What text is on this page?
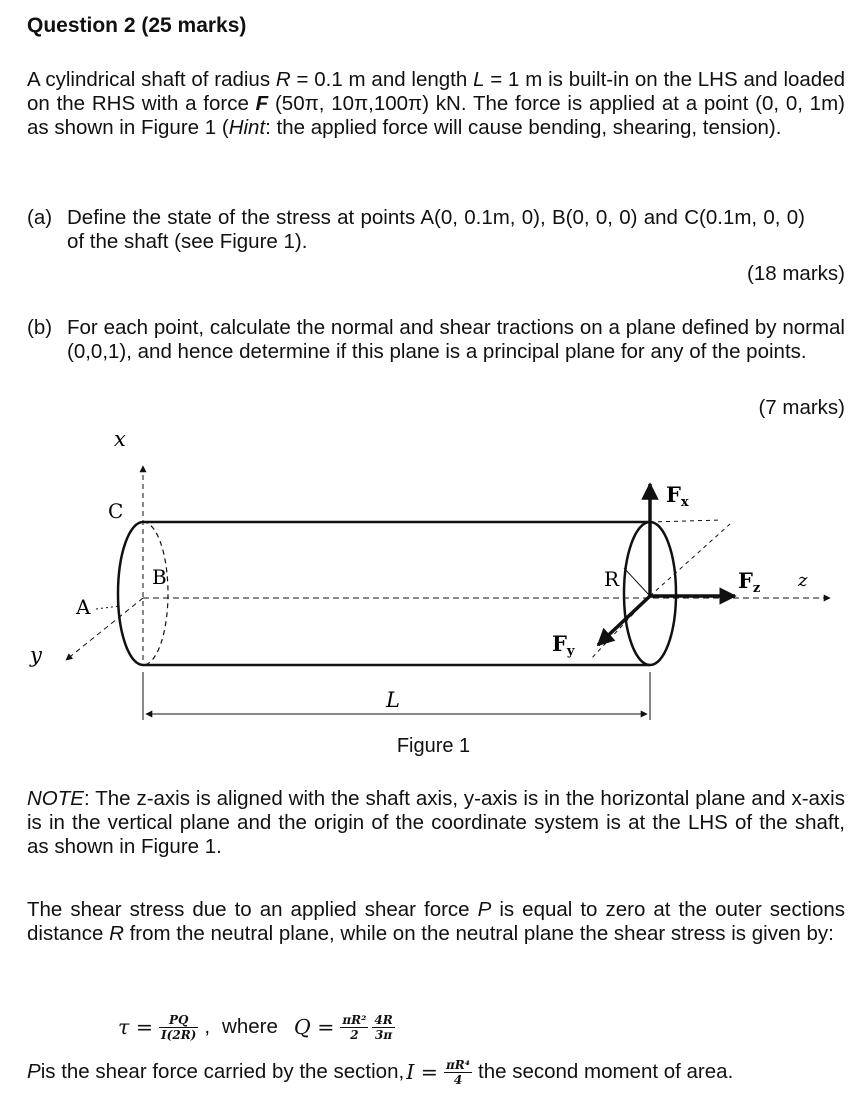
Question 2 (25 marks)
A cylindrical shaft of radius R = 0.1 m and length L = 1 m is built-in on the LHS and loaded on the RHS with a force F (50π, 10π,100π) kN. The force is applied at a point (0, 0, 1m) as shown in Figure 1 (Hint: the applied force will cause bending, shearing, tension).
(a) Define the state of the stress at points A(0, 0.1m, 0), B(0, 0, 0) and C(0.1m, 0, 0) of the shaft (see Figure 1).
(18 marks)
(b) For each point, calculate the normal and shear tractions on a plane defined by normal (0,0,1), and hence determine if this plane is a principal plane for any of the points.
(7 marks)
x
y
z
L
C
B
A
R
Fx
Fz
Fy
Figure 1
NOTE: The z-axis is aligned with the shaft axis, y-axis is in the horizontal plane and x-axis is in the vertical plane and the origin of the coordinate system is at the LHS of the shaft, as shown in Figure 1.
The shear stress due to an applied shear force P is equal to zero at the outer sections distance R from the neutral plane, while on the neutral plane the shear stress is given by:
$\tau = \frac{PQ}{I(2R)}$ , where $Q = \frac{\text{πR²}}{2} \frac{4R}{3\pi}$
P is the shear force carried by the section, $I = \frac{\text{πR⁴}}{4}$ the second moment of area.
